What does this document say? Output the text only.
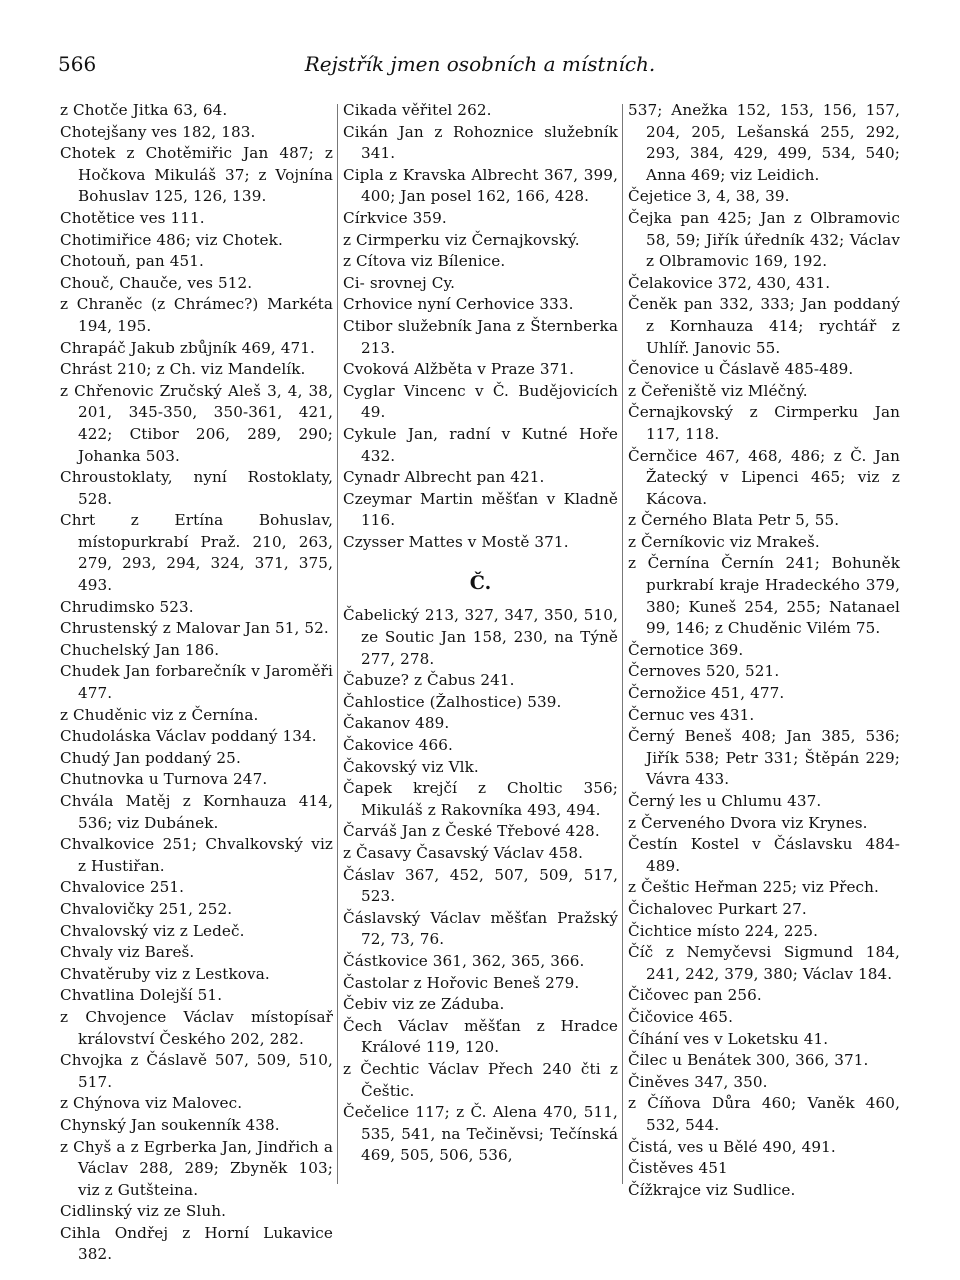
566	Rejstřík jmen osobních a místních.

z Chotče Jitka 63, 64.

Chotejšany ves 182, 183.

Chotek z Chotěmiřic Jan 487; z Hočkova Mikuláš 37; z Vojnína Bohuslav 125, 126, 139.

Chotětice ves 111.

Chotimiřice 486; viz Chotek.

Chotouň, pan 451.

Chouč, Chauče, ves 512.

z Chraněc (z Chrámec?) Markéta 194, 195.

Chrapáč Jakub zbůjník 469, 471.

Chrást 210; z Ch. viz Mandelík.

z Chřenovic Zručský Aleš 3, 4, 38, 201, 345-350, 350-361, 421, 422; Ctibor 206, 289, 290; Johanka 503.

Chroustoklaty, nyní Rostoklaty, 528.

Chrt z Ertína Bohuslav, místopurkrabí Praž. 210, 263, 279, 293, 294, 324, 371, 375, 493.

Chrudimsko 523.

Chrustenský z Malovar Jan 51, 52.

Chuchelský Jan 186.

Chudek Jan forbarečník v Jaroměři 477.

z Chuděnic viz z Černína.

Chudoláska Václav poddaný 134.

Chudý Jan poddaný 25.

Chutnovka u Turnova 247.

Chvála Matěj z Kornhauza 414, 536; viz Dubánek.

Chvalkovice 251; Chvalkovský viz z Hustiřan.

Chvalovice 251.

Chvalovičky 251, 252.

Chvalovský viz z Ledeč.

Chvaly viz Bareš.

Chvatěruby viz z Lestkova.

Chvatlina Dolejší 51.

z Chvojence Václav místopísař království Českého 202, 282.

Chvojka z Čáslavě 507, 509, 510, 517.

z Chýnova viz Malovec.

Chynský Jan soukenník 438.

z Chyš a z Egrberka Jan, Jindřich a Václav 288, 289; Zbyněk 103; viz z Gutšteina.

Cidlinský viz ze Sluh.

Cihla Ondřej z Horní Lukavice 382.

Cikada věřitel 262.

Cikán Jan z Rohoznice služebník 341.

Cipla z Kravska Albrecht 367, 399, 400; Jan posel 162, 166, 428.

Církvice 359.

z Cirmperku viz Černajkovský.

z Cítova viz Bílenice.

Ci- srovnej Cy.

Crhovice nyní Cerhovice 333.

Ctibor služebník Jana z Šternberka 213.

Cvoková Alžběta v Praze 371.

Cyglar Vincenc v Č. Budějovicích 49.

Cykule Jan, radní v Kutné Hoře 432.

Cynadr Albrecht pan 421.

Czeymar Martin měšťan v Kladně 116.

Czysser Mattes v Mostě 371.

Č.

Čabelický 213, 327, 347, 350, 510, ze Soutic Jan 158, 230, na Týně 277, 278.

Čabuze? z Čabus 241.

Čahlostice (Žalhostice) 539.

Čakanov 489.

Čakovice 466.

Čakovský viz Vlk.

Čapek krejčí z Choltic 356; Mikuláš z Rakovníka 493, 494.

Čarváš Jan z České Třebové 428.

z Časavy Časavský Václav 458.

Čáslav 367, 452, 507, 509, 517, 523.

Čáslavský Václav měšťan Pražský 72, 73, 76.

Částkovice 361, 362, 365, 366.

Častolar z Hořovic Beneš 279.

Čebiv viz ze Záduba.

Čech Václav měšťan z Hradce Králové 119, 120.

z Čechtic Václav Přech 240 čti z Češtic.

Čečelice 117; z Č. Alena 470, 511, 535, 541, na Tečiněvsi; Tečínská 469, 505, 506, 536,

537; Anežka 152, 153, 156, 157, 204, 205, Lešanská 255, 292, 293, 384, 429, 499, 534, 540; Anna 469; viz Leidich.

Čejetice 3, 4, 38, 39.

Čejka pan 425; Jan z Olbramovic 58, 59; Jiřík úředník 432; Václav z Olbramovic 169, 192.

Čelakovice 372, 430, 431.

Čeněk pan 332, 333; Jan poddaný z Kornhauza 414; rychtář z Uhlíř. Janovic 55.

Čenovice u Čáslavě 485-489.

z Čeřeniště viz Mléčný.

Černajkovský z Cirmperku Jan 117, 118.

Černčice 467, 468, 486; z Č. Jan Žatecký v Lipenci 465; viz z Kácova.

z Černého Blata Petr 5, 55.

z Černíkovic viz Mrakeš.

z Černína Černín 241; Bohuněk purkrabí kraje Hradeckého 379, 380; Kuneš 254, 255; Natanael 99, 146; z Chuděnic Vilém 75.

Černotice 369.

Černoves 520, 521.

Černožice 451, 477.

Černuc ves 431.

Černý Beneš 408; Jan 385, 536; Jiřík 538; Petr 331; Štěpán 229; Vávra 433.

Černý les u Chlumu 437.

z Červeného Dvora viz Krynes.

Čestín Kostel v Čáslavsku 484-489.

z Češtic Heřman 225; viz Přech.

Čichalovec Purkart 27.

Čichtice místo 224, 225.

Číč z Nemyčevsi Sigmund 184, 241, 242, 379, 380; Václav 184.

Čičovec pan 256.

Čičovice 465.

Číhání ves v Loketsku 41.

Čilec u Benátek 300, 366, 371.

Činěves 347, 350.

z Číňova Důra 460; Vaněk 460, 532, 544.

Čistá, ves u Bělé 490, 491.

Čistěves 451

Čížkrajce viz Sudlice.
